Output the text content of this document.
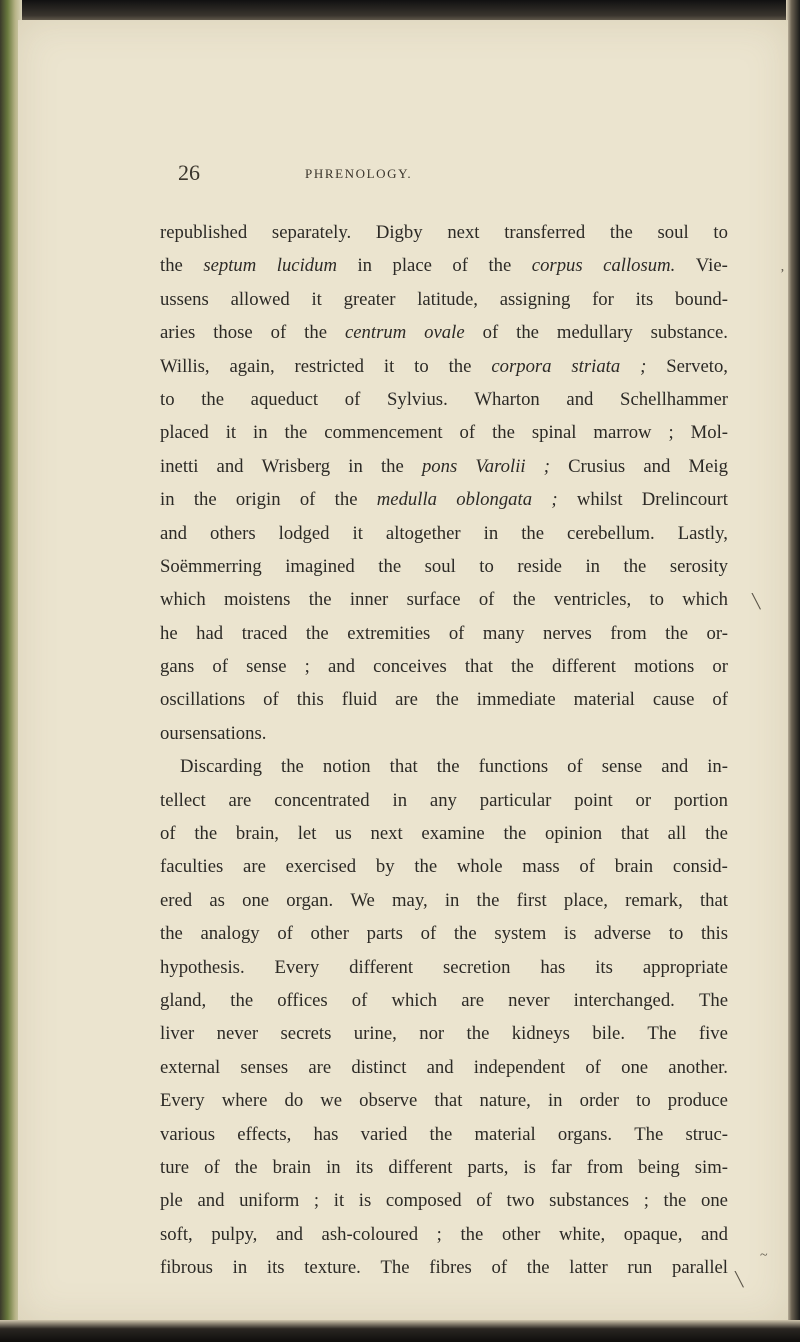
26	PHRENOLOGY.
republished separately. Digby next transferred the soul to
the septum lucidum in place of the corpus callosum. Vie-
ussens allowed it greater latitude, assigning for its bound-
aries those of the centrum ovale of the medullary substance.
Willis, again, restricted it to the corpora striata ; Serveto,
to the aqueduct of Sylvius. Wharton and Schellhammer
placed it in the commencement of the spinal marrow ; Mol-
inetti and Wrisberg in the pons Varolii ; Crusius and Meig
in the origin of the medulla oblongata ; whilst Drelincourt
and others lodged it altogether in the cerebellum. Lastly,
Soëmmerring imagined the soul to reside in the serosity
which moistens the inner surface of the ventricles, to which
he had traced the extremities of many nerves from the or-
gans of sense ; and conceives that the different motions or
oscillations of this fluid are the immediate material cause of
our sensations.
Discarding the notion that the functions of sense and in-
tellect are concentrated in any particular point or portion
of the brain, let us next examine the opinion that all the
faculties are exercised by the whole mass of brain consid-
ered as one organ. We may, in the first place, remark, that
the analogy of other parts of the system is adverse to this
hypothesis. Every different secretion has its appropriate
gland, the offices of which are never interchanged. The
liver never secrets urine, nor the kidneys bile. The five
external senses are distinct and independent of one another.
Every where do we observe that nature, in order to produce
various effects, has varied the material organs. The struc-
ture of the brain in its different parts, is far from being sim-
ple and uniform ; it is composed of two substances ; the one
soft, pulpy, and ash-coloured ; the other white, opaque, and
fibrous in its texture. The fibres of the latter run parallel
’
╲
~
╲
